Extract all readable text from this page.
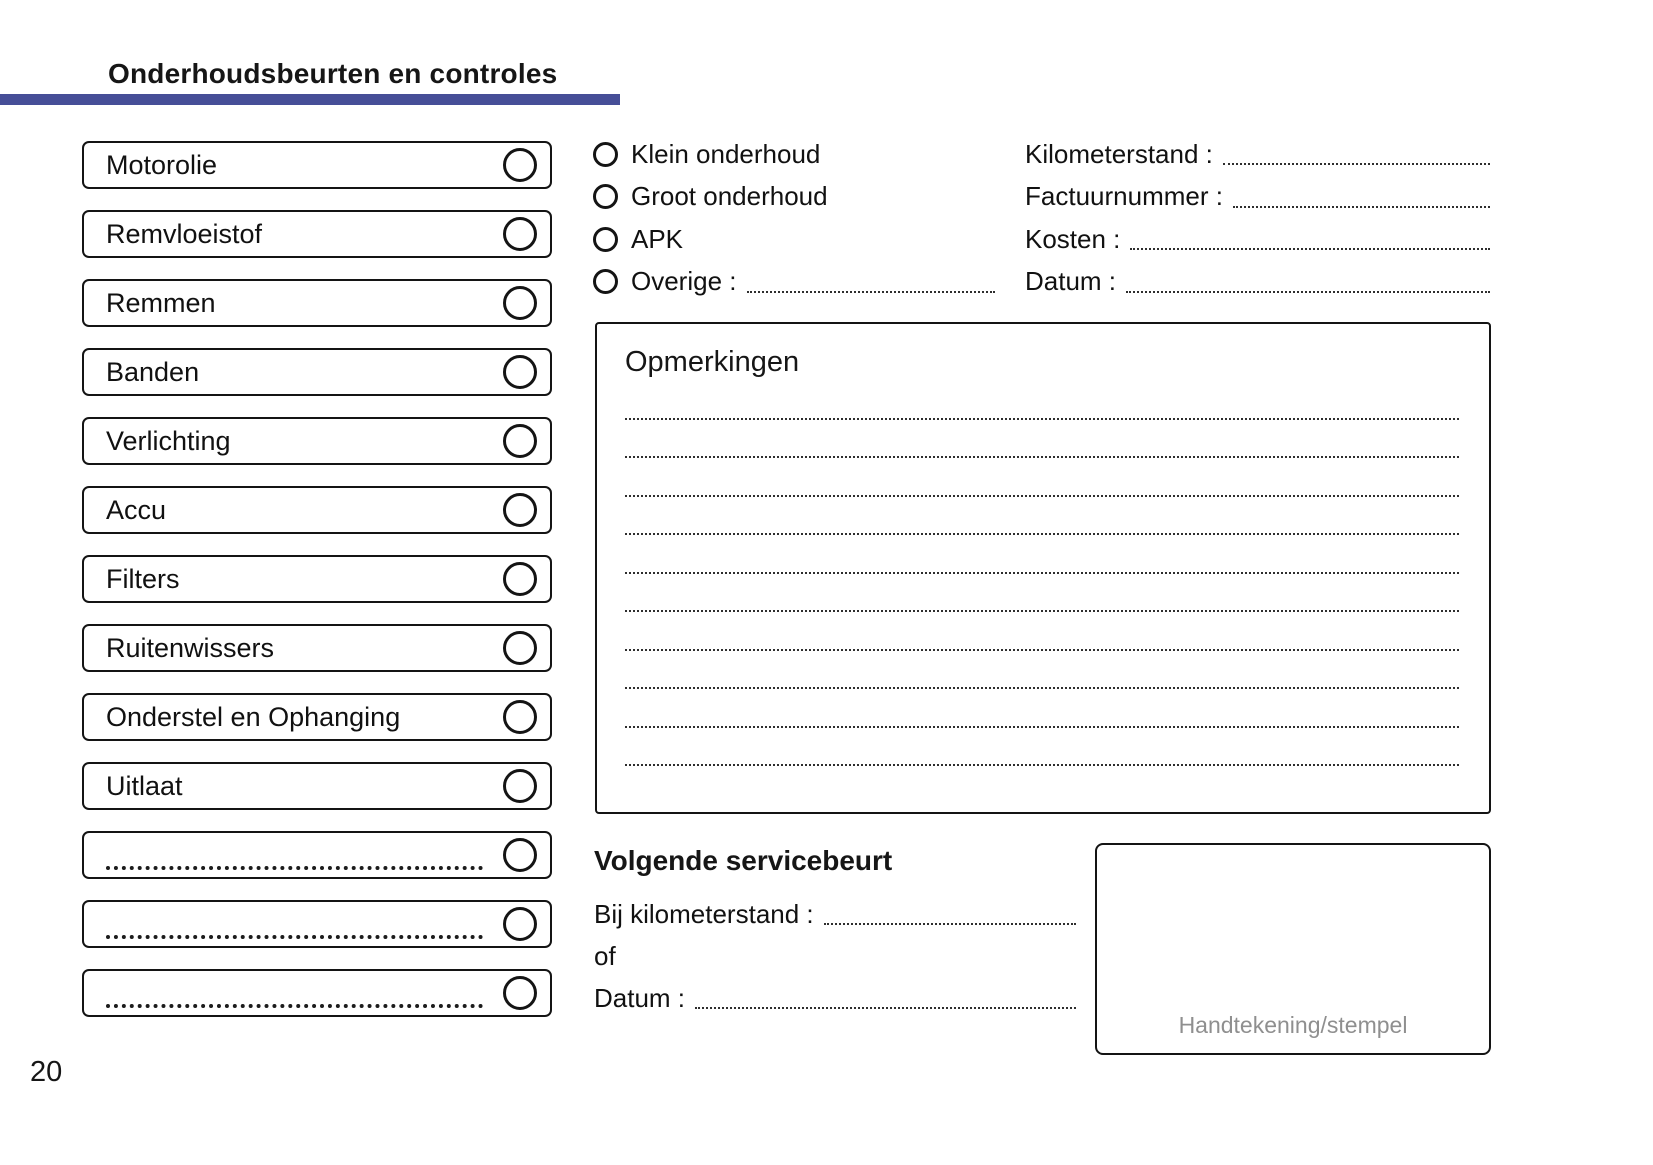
Onderhoudsbeurten en controles
Motorolie
Remvloeistof
Remmen
Banden
Verlichting
Accu
Filters
Ruitenwissers
Onderstel en Ophanging
Uitlaat
Klein onderhoud
Groot onderhoud
APK
Overige :
Kilometerstand :
Factuurnummer :
Kosten :
Datum :
Opmerkingen
Volgende servicebeurt
Bij kilometerstand :
of
Datum :
Handtekening/stempel
20
